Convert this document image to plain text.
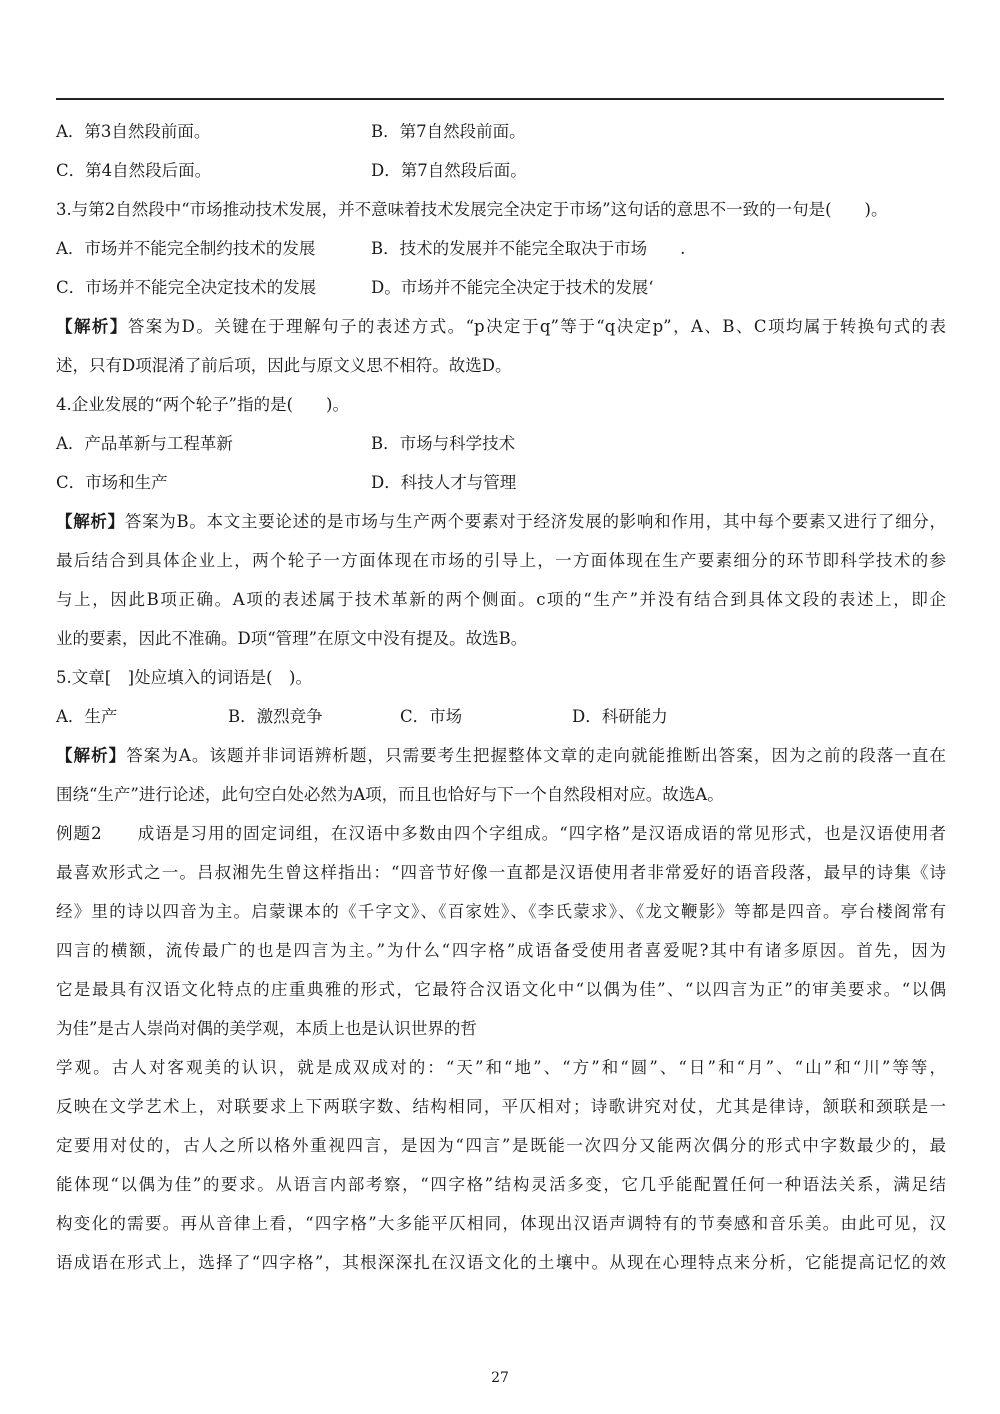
A．第3自然段前面。	B．第7自然段前面。
C．第4自然段后面。	D．第7自然段后面。
3.与第2自然段中“市场推动技术发展，并不意味着技术发展完全决定于市场”这句话的意思不一致的一句是(　　)。
A．市场并不能完全制约技术的发展	B．技术的发展并不能完全取决于市场　　.
C．市场并不能完全决定技术的发展	D。市场并不能完全决定于技术的发展‘
【解析】答案为D。关键在于理解句子的表述方式。“p决定于q”等于“q决定p”，A、B、C项均属于转换句式的表
述，只有D项混淆了前后项，因此与原文义思不相符。故选D。
4.企业发展的“两个轮子”指的是(　　)。
A．产品革新与工程革新	B．市场与科学技术
C．市场和生产	D．科技人才与管理
【解析】答案为B。本文主要论述的是市场与生产两个要素对于经济发展的影响和作用，其中每个要素又进行了细分，
最后结合到具体企业上，两个轮子一方面体现在市场的引导上，一方面体现在生产要素细分的环节即科学技术的参
与上，因此B项正确。A项的表述属于技术革新的两个侧面。c项的“生产”并没有结合到具体文段的表述上，即企
业的要素，因此不准确。D项“管理”在原文中没有提及。故选B。
5.文章[　]处应填入的词语是(　)。
A．生产	B．激烈竞争	C．市场	D．科研能力
【解析】答案为A。该题并非词语辨析题，只需要考生把握整体文章的走向就能推断出答案，因为之前的段落一直在
围绕“生产”进行论述，此句空白处必然为A项，而且也恰好与下一个自然段相对应。故选A。
例题2　　成语是习用的固定词组，在汉语中多数由四个字组成。“四字格”是汉语成语的常见形式，也是汉语使用者
最喜欢形式之一。吕叔湘先生曾这样指出：“四音节好像一直都是汉语使用者非常爱好的语音段落，最早的诗集《诗
经》里的诗以四音为主。启蒙课本的《千字文》、《百家姓》、《李氏蒙求》、《龙文鞭影》等都是四音。亭台楼阁常有
四言的横额，流传最广的也是四言为主。”为什么“四字格”成语备受使用者喜爱呢?其中有诸多原因。首先，因为
它是最具有汉语文化特点的庄重典雅的形式，它最符合汉语文化中“以偶为佳”、“以四言为正”的审美要求。“以偶
为佳”是古人崇尚对偶的美学观，本质上也是认识世界的哲
学观。古人对客观美的认识，就是成双成对的：“天”和“地”、“方”和“圆”、“日”和“月”、“山”和“川”等等，
反映在文学艺术上，对联要求上下两联字数、结构相同，平仄相对；诗歌讲究对仗，尤其是律诗，颔联和颈联是一
定要用对仗的，古人之所以格外重视四言，是因为“四言”是既能一次四分又能两次偶分的形式中字数最少的，最
能体现“以偶为佳”的要求。从语言内部考察，“四字格”结构灵活多变，它几乎能配置任何一种语法关系，满足结
构变化的需要。再从音律上看，“四字格”大多能平仄相同，体现出汉语声调特有的节奏感和音乐美。由此可见，汉
语成语在形式上，选择了“四字格”，其根深深扎在汉语文化的土壤中。从现在心理特点来分析，它能提高记忆的效
27
